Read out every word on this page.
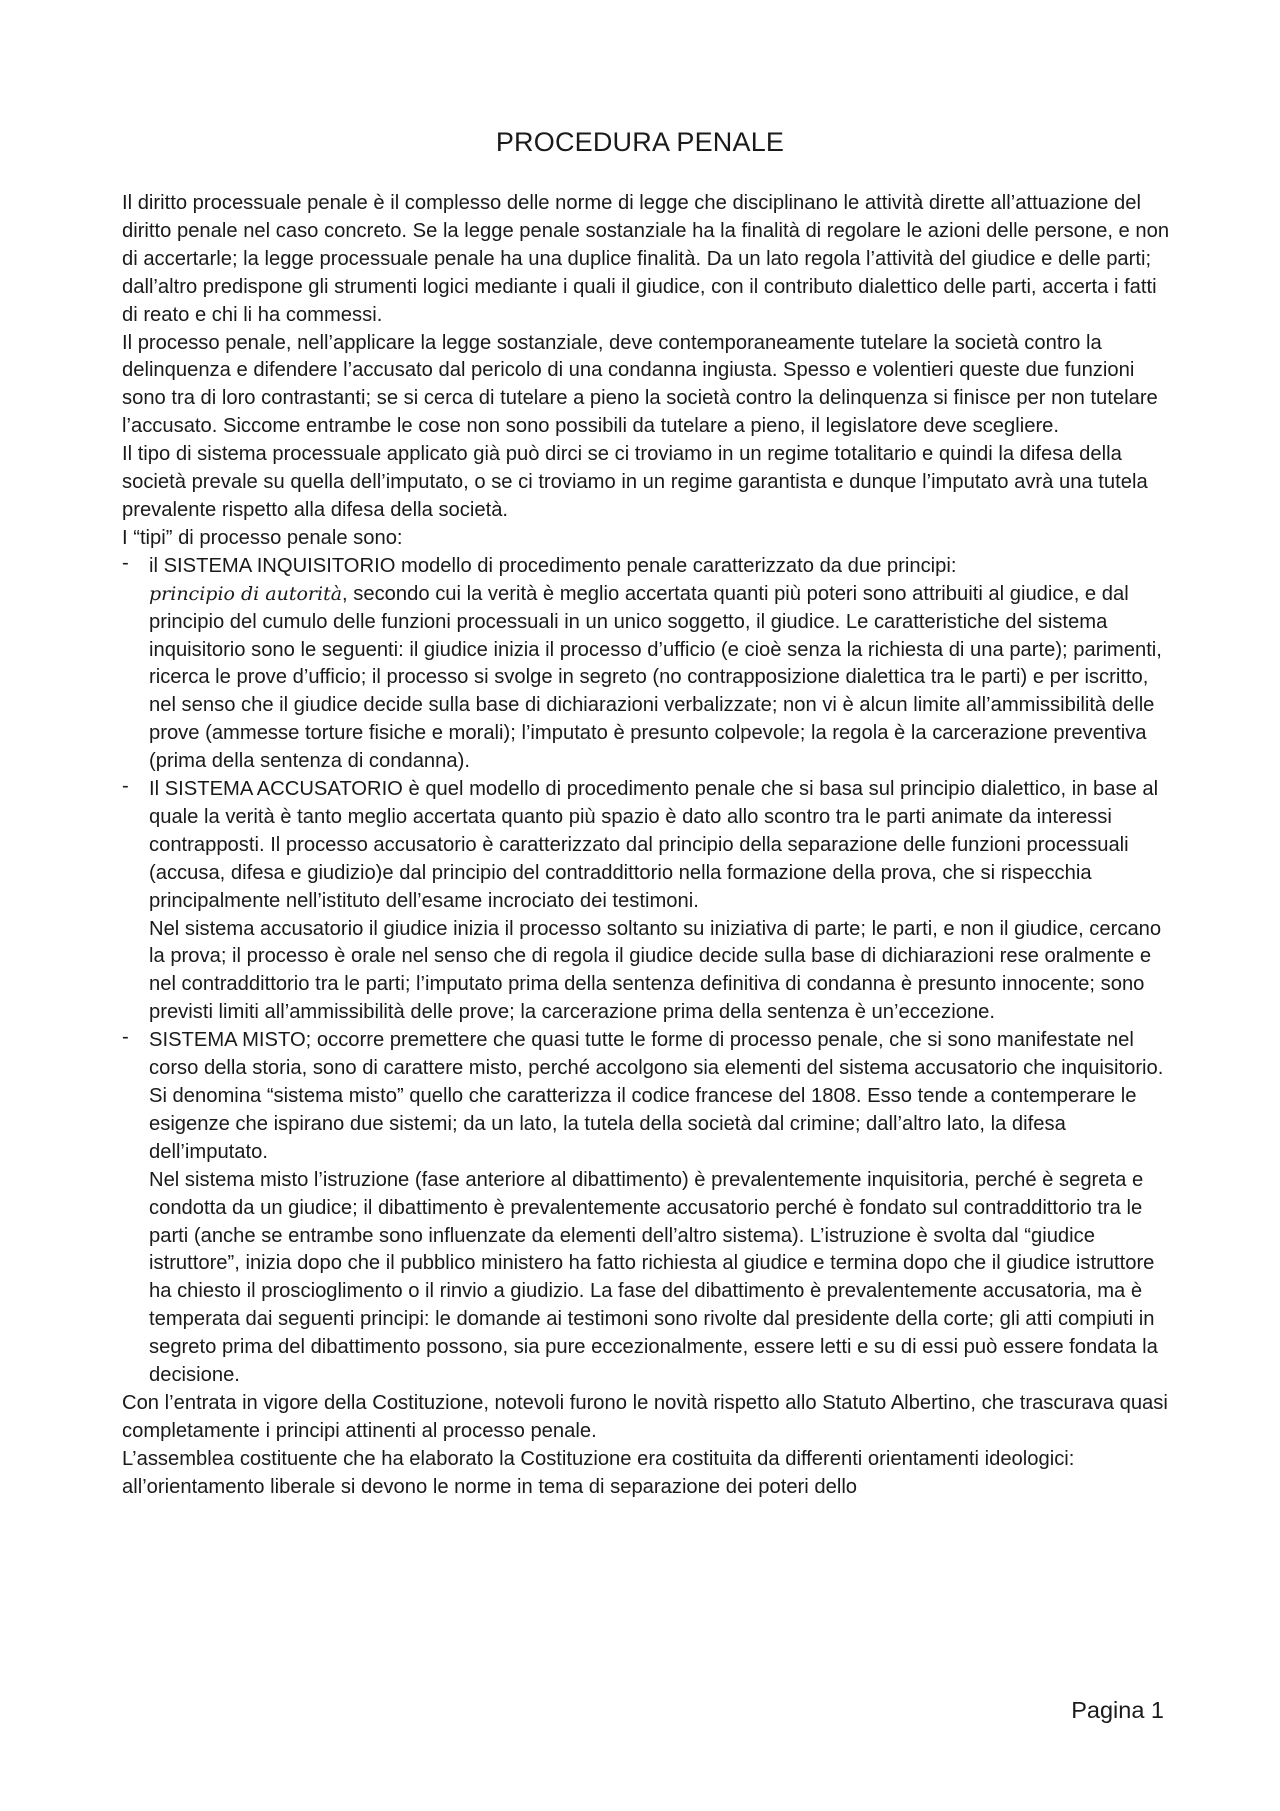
PROCEDURA PENALE

Il diritto processuale penale è il complesso delle norme di legge che disciplinano le attività dirette all’attuazione del diritto penale nel caso concreto. Se la legge penale sostanziale ha la finalità di regolare le azioni delle persone, e non di accertarle; la legge processuale penale ha una duplice finalità. Da un lato regola l’attività del giudice e delle parti; dall’altro predispone gli strumenti logici mediante i quali il giudice, con il contributo dialettico delle parti, accerta i fatti di reato e chi li ha commessi.

Il processo penale, nell’applicare la legge sostanziale, deve contemporaneamente tutelare la società contro la delinquenza e difendere l’accusato dal pericolo di una condanna ingiusta. Spesso e volentieri queste due funzioni sono tra di loro contrastanti; se si cerca di tutelare a pieno la società contro la delinquenza si finisce per non tutelare l’accusato. Siccome entrambe le cose non sono possibili da tutelare a pieno, il legislatore deve scegliere.

Il tipo di sistema processuale applicato già può dirci se ci troviamo in un regime totalitario e quindi la difesa della società prevale su quella dell’imputato, o se ci troviamo in un regime garantista e dunque l’imputato avrà una tutela prevalente rispetto alla difesa della società.

I “tipi” di processo penale sono:

- il SISTEMA INQUISITORIO modello di procedimento penale caratterizzato da due principi:
principio di autorità, secondo cui la verità è meglio accertata quanti più poteri sono attribuiti al giudice, e dal principio del cumulo delle funzioni processuali in un unico soggetto, il giudice. Le caratteristiche del sistema inquisitorio sono le seguenti: il giudice inizia il processo d’ufficio (e cioè senza la richiesta di una parte); parimenti, ricerca le prove d’ufficio; il processo si svolge in segreto (no contrapposizione dialettica tra le parti) e per iscritto, nel senso che il giudice decide sulla base di dichiarazioni verbalizzate; non vi è alcun limite all’ammissibilità delle prove (ammesse torture fisiche e morali); l’imputato è presunto colpevole; la regola è la carcerazione preventiva (prima della sentenza di condanna).

- Il SISTEMA ACCUSATORIO è quel modello di procedimento penale che si basa sul principio dialettico, in base al quale la verità è tanto meglio accertata quanto più spazio è dato allo scontro tra le parti animate da interessi contrapposti. Il processo accusatorio è caratterizzato dal principio della separazione delle funzioni processuali (accusa, difesa e giudizio)e dal principio del contraddittorio nella formazione della prova, che si rispecchia principalmente nell’istituto dell’esame incrociato dei testimoni.

Nel sistema accusatorio il giudice inizia il processo soltanto su iniziativa di parte; le parti, e non il giudice, cercano la prova; il processo è orale nel senso che di regola il giudice decide sulla base di dichiarazioni rese oralmente e nel contraddittorio tra le parti; l’imputato prima della sentenza definitiva di condanna è presunto innocente; sono previsti limiti all’ammissibilità delle prove; la carcerazione prima della sentenza è un’eccezione.

- SISTEMA MISTO; occorre premettere che quasi tutte le forme di processo penale, che si sono manifestate nel corso della storia, sono di carattere misto, perché accolgono sia elementi del sistema accusatorio che inquisitorio. Si denomina “sistema misto” quello che caratterizza il codice francese del 1808. Esso tende a contemperare le esigenze che ispirano due sistemi; da un lato, la tutela della società dal crimine; dall’altro lato, la difesa dell’imputato.

Nel sistema misto l’istruzione (fase anteriore al dibattimento) è prevalentemente inquisitoria, perché è segreta e condotta da un giudice; il dibattimento è prevalentemente accusatorio perché è fondato sul contraddittorio tra le parti (anche se entrambe sono influenzate da elementi dell’altro sistema). L’istruzione è svolta dal “giudice istruttore”, inizia dopo che il pubblico ministero ha fatto richiesta al giudice e termina dopo che il giudice istruttore ha chiesto il proscioglimento o il rinvio a giudizio. La fase del dibattimento è prevalentemente accusatoria, ma è temperata dai seguenti principi: le domande ai testimoni sono rivolte dal presidente della corte; gli atti compiuti in segreto prima del dibattimento possono, sia pure eccezionalmente, essere letti e su di essi può essere fondata la decisione.

Con l’entrata in vigore della Costituzione, notevoli furono le novità rispetto allo Statuto Albertino, che trascurava quasi completamente i principi attinenti al processo penale.

L’assemblea costituente che ha elaborato la Costituzione era costituita da differenti orientamenti ideologici: all’orientamento liberale si devono le norme in tema di separazione dei poteri dello

Pagina 1
